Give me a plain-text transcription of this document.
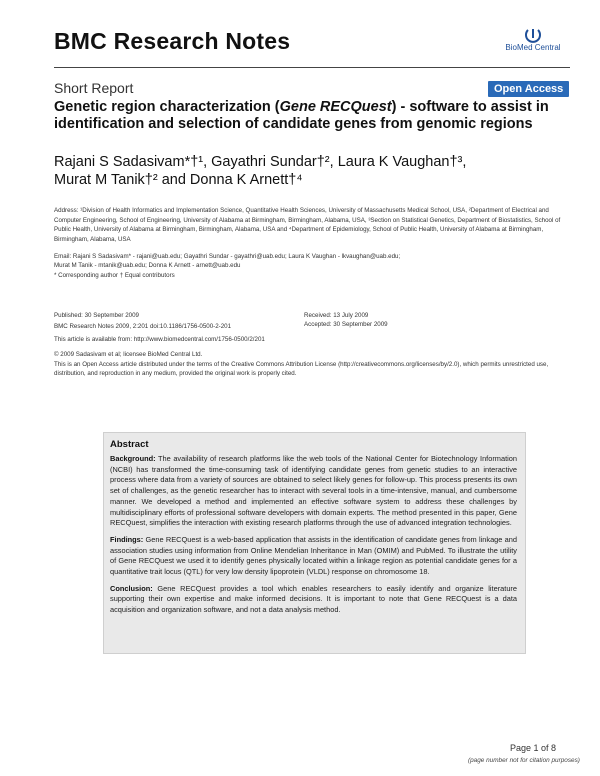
BMC Research Notes	BioMed Central
Short Report	Open Access
Genetic region characterization (Gene RECQuest) - software to assist in identification and selection of candidate genes from genomic regions
Rajani S Sadasivam*†¹, Gayathri Sundar†², Laura K Vaughan†³,
Murat M Tanik†² and Donna K Arnett†⁴
Address: ¹Division of Health Informatics and Implementation Science, Quantitative Health Sciences, University of Massachusetts Medical School, USA, ²Department of Electrical and Computer Engineering, School of Engineering, University of Alabama at Birmingham, Birmingham, Alabama, USA, ³Section on Statistical Genetics, Department of Biostatistics, School of Public Health, University of Alabama at Birmingham, Birmingham, Alabama, USA and ⁴Department of Epidemiology, School of Public Health, University of Alabama at Birmingham, Birmingham, Alabama, USA
Email: Rajani S Sadasivam* - rajani@uab.edu; Gayathri Sundar - gayathri@uab.edu; Laura K Vaughan - lkvaughan@uab.edu;
Murat M Tanik - mtanik@uab.edu; Donna K Arnett - arnett@uab.edu
* Corresponding author † Equal contributors
Published: 30 September 2009	Received: 13 July 2009
BMC Research Notes 2009, 2:201 doi:10.1186/1756-0500-2-201	Accepted: 30 September 2009
This article is available from: http://www.biomedcentral.com/1756-0500/2/201
© 2009 Sadasivam et al; licensee BioMed Central Ltd.
This is an Open Access article distributed under the terms of the Creative Commons Attribution License (http://creativecommons.org/licenses/by/2.0), which permits unrestricted use, distribution, and reproduction in any medium, provided the original work is properly cited.
Abstract

Background: The availability of research platforms like the web tools of the National Center for Biotechnology Information (NCBI) has transformed the time-consuming task of identifying candidate genes from genetic studies to an interactive process where data from a variety of sources are obtained to select likely genes for follow-up. This process presents its own set of challenges, as the genetic researcher has to interact with several tools in a time-intensive, manual, and cumbersome manner. We developed a method and implemented an effective software system to address these challenges by multidisciplinary efforts of professional software developers with domain experts. The method presented in this paper, Gene RECQuest, simplifies the interaction with existing research platforms through the use of advanced integration technologies.

Findings: Gene RECQuest is a web-based application that assists in the identification of candidate genes from linkage and association studies using information from Online Mendelian Inheritance in Man (OMIM) and PubMed. To illustrate the utility of Gene RECQuest we used it to identify genes physically located within a linkage region as potential candidate genes for a quantitative trait locus (QTL) for very low density lipoprotein (VLDL) response on chromosome 18.

Conclusion: Gene RECQuest provides a tool which enables researchers to easily identify and organize literature supporting their own expertise and make informed decisions. It is important to note that Gene RECQuest is a data acquisition and organization software, and not a data analysis method.

Page 1 of 8
(page number not for citation purposes)
